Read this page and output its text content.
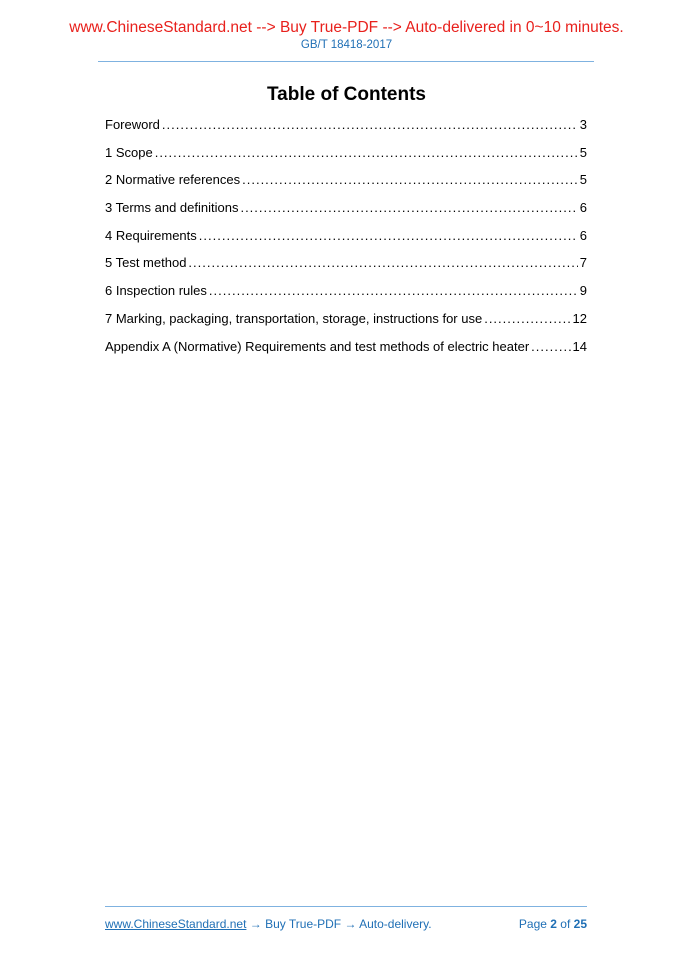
www.ChineseStandard.net --> Buy True-PDF --> Auto-delivered in 0~10 minutes.
GB/T 18418-2017
Table of Contents
Foreword .....	3
1 Scope .....	5
2 Normative references .....	5
3 Terms and definitions .....	6
4 Requirements .....	6
5 Test method .....	7
6 Inspection rules .....	9
7 Marking, packaging, transportation, storage, instructions for use .....	12
Appendix A (Normative) Requirements and test methods of electric heater .....	14
www.ChineseStandard.net → Buy True-PDF → Auto-delivery.	Page 2 of 25
